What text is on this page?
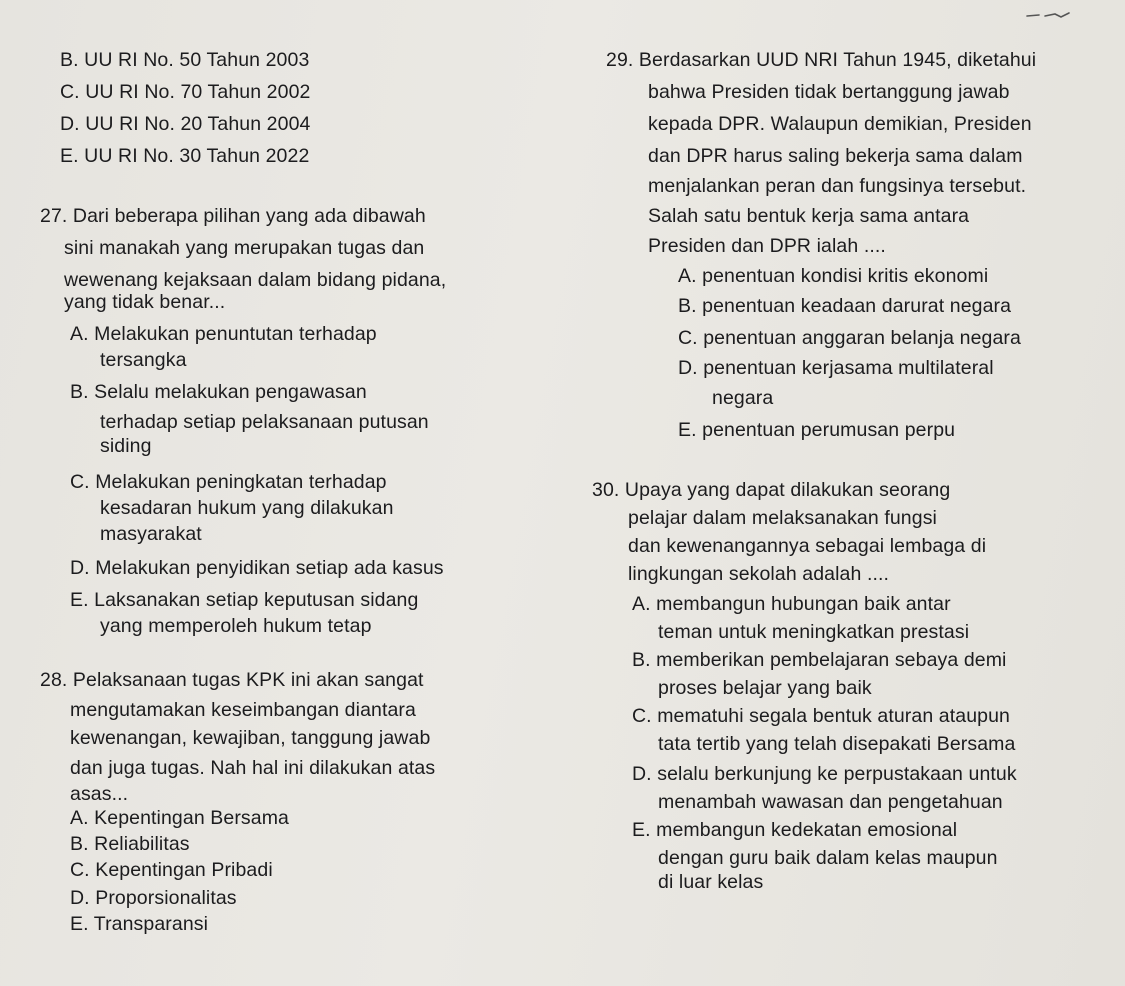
B. UU RI No. 50 Tahun 2003
C. UU RI No. 70 Tahun 2002
D. UU RI No. 20 Tahun 2004
E. UU RI No. 30 Tahun 2022
27. Dari beberapa pilihan yang ada dibawah
sini manakah yang merupakan tugas dan
wewenang kejaksaan dalam bidang pidana,
yang tidak benar...
A. Melakukan penuntutan terhadap
tersangka
B. Selalu melakukan pengawasan
terhadap setiap pelaksanaan putusan
siding
C. Melakukan peningkatan terhadap
kesadaran hukum yang dilakukan
masyarakat
D. Melakukan penyidikan setiap ada kasus
E. Laksanakan setiap keputusan sidang
yang memperoleh hukum tetap
28. Pelaksanaan tugas KPK ini akan sangat
mengutamakan keseimbangan diantara
kewenangan, kewajiban, tanggung jawab
dan juga tugas. Nah hal ini dilakukan atas
asas...
A. Kepentingan Bersama
B. Reliabilitas
C. Kepentingan Pribadi
D. Proporsionalitas
E. Transparansi
29. Berdasarkan UUD NRI Tahun 1945, diketahui
bahwa Presiden tidak bertanggung jawab
kepada DPR. Walaupun demikian, Presiden
dan DPR harus saling bekerja sama dalam
menjalankan peran dan fungsinya tersebut.
Salah satu bentuk kerja sama antara
Presiden dan DPR ialah ....
A. penentuan kondisi kritis ekonomi
B. penentuan keadaan darurat negara
C. penentuan anggaran belanja negara
D. penentuan kerjasama multilateral
negara
E. penentuan perumusan perpu
30. Upaya yang dapat dilakukan seorang
pelajar dalam melaksanakan fungsi
dan kewenangannya sebagai lembaga di
lingkungan sekolah adalah ....
A. membangun hubungan baik antar
teman untuk meningkatkan prestasi
B. memberikan pembelajaran sebaya demi
proses belajar yang baik
C. mematuhi segala bentuk aturan ataupun
tata tertib yang telah disepakati Bersama
D. selalu berkunjung ke perpustakaan untuk
menambah wawasan dan pengetahuan
E. membangun kedekatan emosional
dengan guru baik dalam kelas maupun
di luar kelas
